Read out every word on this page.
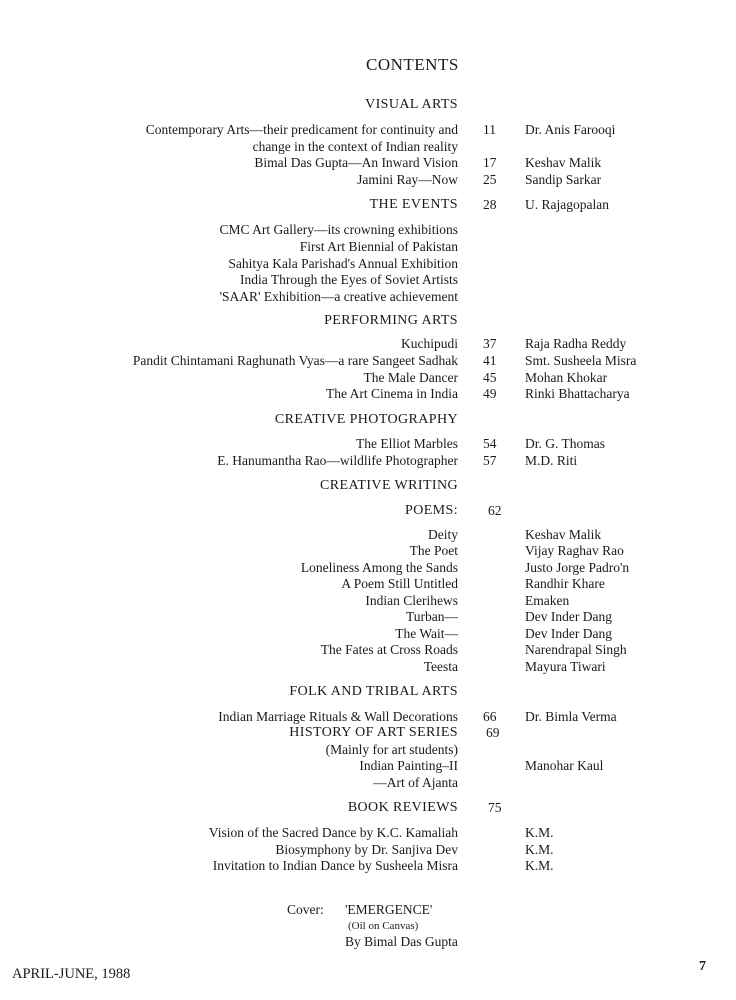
CONTENTS
VISUAL ARTS
Contemporary Arts—their predicament for continuity and 11 Dr. Anis Farooqi
change in the context of Indian reality
Bimal Das Gupta—An Inward Vision 17 Keshav Malik
Jamini Ray—Now 25 Sandip Sarkar
THE EVENTS 28 U. Rajagopalan
CMC Art Gallery—its crowning exhibitions
First Art Biennial of Pakistan
Sahitya Kala Parishad's Annual Exhibition
India Through the Eyes of Soviet Artists
'SAAR' Exhibition—a creative achievement
PERFORMING ARTS
Kuchipudi 37 Raja Radha Reddy
Pandit Chintamani Raghunath Vyas—a rare Sangeet Sadhak 41 Smt. Susheela Misra
The Male Dancer 45 Mohan Khokar
The Art Cinema in India 49 Rinki Bhattacharya
CREATIVE PHOTOGRAPHY
The Elliot Marbles 54 Dr. G. Thomas
E. Hanumantha Rao—wildlife Photographer 57 M.D. Riti
CREATIVE WRITING
POEMS: 62
Deity	Keshav Malik
The Poet	Vijay Raghav Rao
Loneliness Among the Sands	Justo Jorge Padro'n
A Poem Still Untitled	Randhir Khare
Indian Clerihews	Emaken
Turban—	Dev Inder Dang
The Wait—	Dev Inder Dang
The Fates at Cross Roads	Narendrapal Singh
Teesta	Mayura Tiwari
FOLK AND TRIBAL ARTS
Indian Marriage Rituals & Wall Decorations 66 Dr. Bimla Verma
HISTORY OF ART SERIES 69
(Mainly for art students)
Indian Painting–II	Manohar Kaul
—Art of Ajanta
BOOK REVIEWS 75
Vision of the Sacred Dance by K.C. Kamaliah	K.M.
Biosymphony by Dr. Sanjiva Dev	K.M.
Invitation to Indian Dance by Susheela Misra	K.M.
Cover: 'EMERGENCE'
(Oil on Canvas)
By Bimal Das Gupta
APRIL-JUNE, 1988	7
